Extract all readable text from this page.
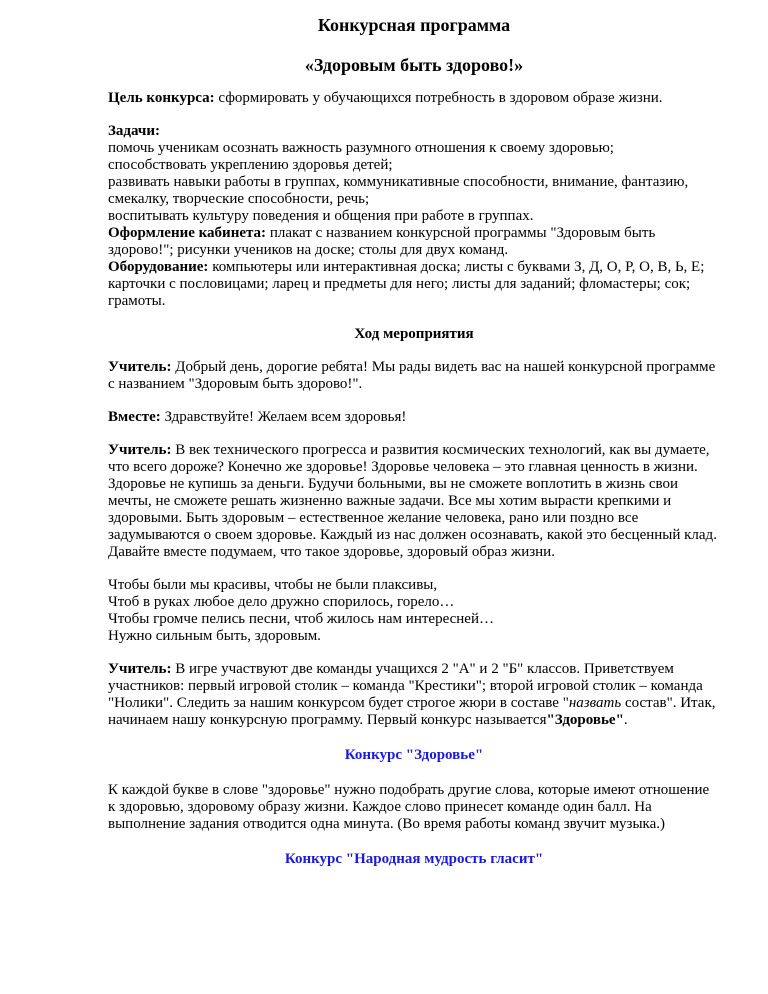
Конкурсная программа
«Здоровым быть здорово!»

Цель конкурса: сформировать у обучающихся потребность в здоровом образе жизни.

Задачи:

помочь ученикам осознать важность разумного отношения к своему здоровью;

способствовать укреплению здоровья детей;

развивать навыки работы в группах, коммуникативные способности, внимание, фантазию, смекалку, творческие способности, речь;

воспитывать культуру поведения и общения при работе в группах.

Оформление кабинета: плакат с названием конкурсной программы "Здоровым быть здорово!"; рисунки учеников на доске; столы для двух команд.

Оборудование: компьютеры или интерактивная доска; листы с буквами З, Д, О, Р, О, В, Ь, Е; карточки с пословицами; ларец и предметы для него; листы для заданий; фломастеры; сок; грамоты.

Ход мероприятия

Учитель: Добрый день, дорогие ребята! Мы рады видеть вас на нашей конкурсной программе с названием "Здоровым быть здорово!".

Вместе: Здравствуйте! Желаем всем здоровья!

Учитель: В век технического прогресса и развития космических технологий, как вы думаете, что всего дороже? Конечно же здоровье! Здоровье человека – это главная ценность в жизни. Здоровье не купишь за деньги. Будучи больными, вы не сможете воплотить в жизнь свои мечты, не сможете решать жизненно важные задачи. Все мы хотим вырасти крепкими и здоровыми. Быть здоровым – естественное желание человека, рано или поздно все задумываются о своем здоровье. Каждый из нас должен осознавать, какой это бесценный клад. Давайте вместе подумаем, что такое здоровье, здоровый образ жизни.

Чтобы были мы красивы, чтобы не были плаксивы,

Чтоб в руках любое дело дружно спорилось, горело…

Чтобы громче пелись песни, чтоб жилось нам интересней…

Нужно сильным быть, здоровым.

Учитель: В игре участвуют две команды учащихся 2 "А" и 2 "Б" классов. Приветствуем участников: первый игровой столик – команда "Крестики"; второй игровой столик – команда "Нолики". Следить за нашим конкурсом будет строгое жюри в составе "назвать состав". Итак, начинаем нашу конкурсную программу. Первый конкурс называется"Здоровье".

Конкурс "Здоровье"

К каждой букве в слове "здоровье" нужно подобрать другие слова, которые имеют отношение к здоровью, здоровому образу жизни. Каждое слово принесет команде один балл. На выполнение задания отводится одна минута. (Во время работы команд звучит музыка.)

Конкурс "Народная мудрость гласит"
